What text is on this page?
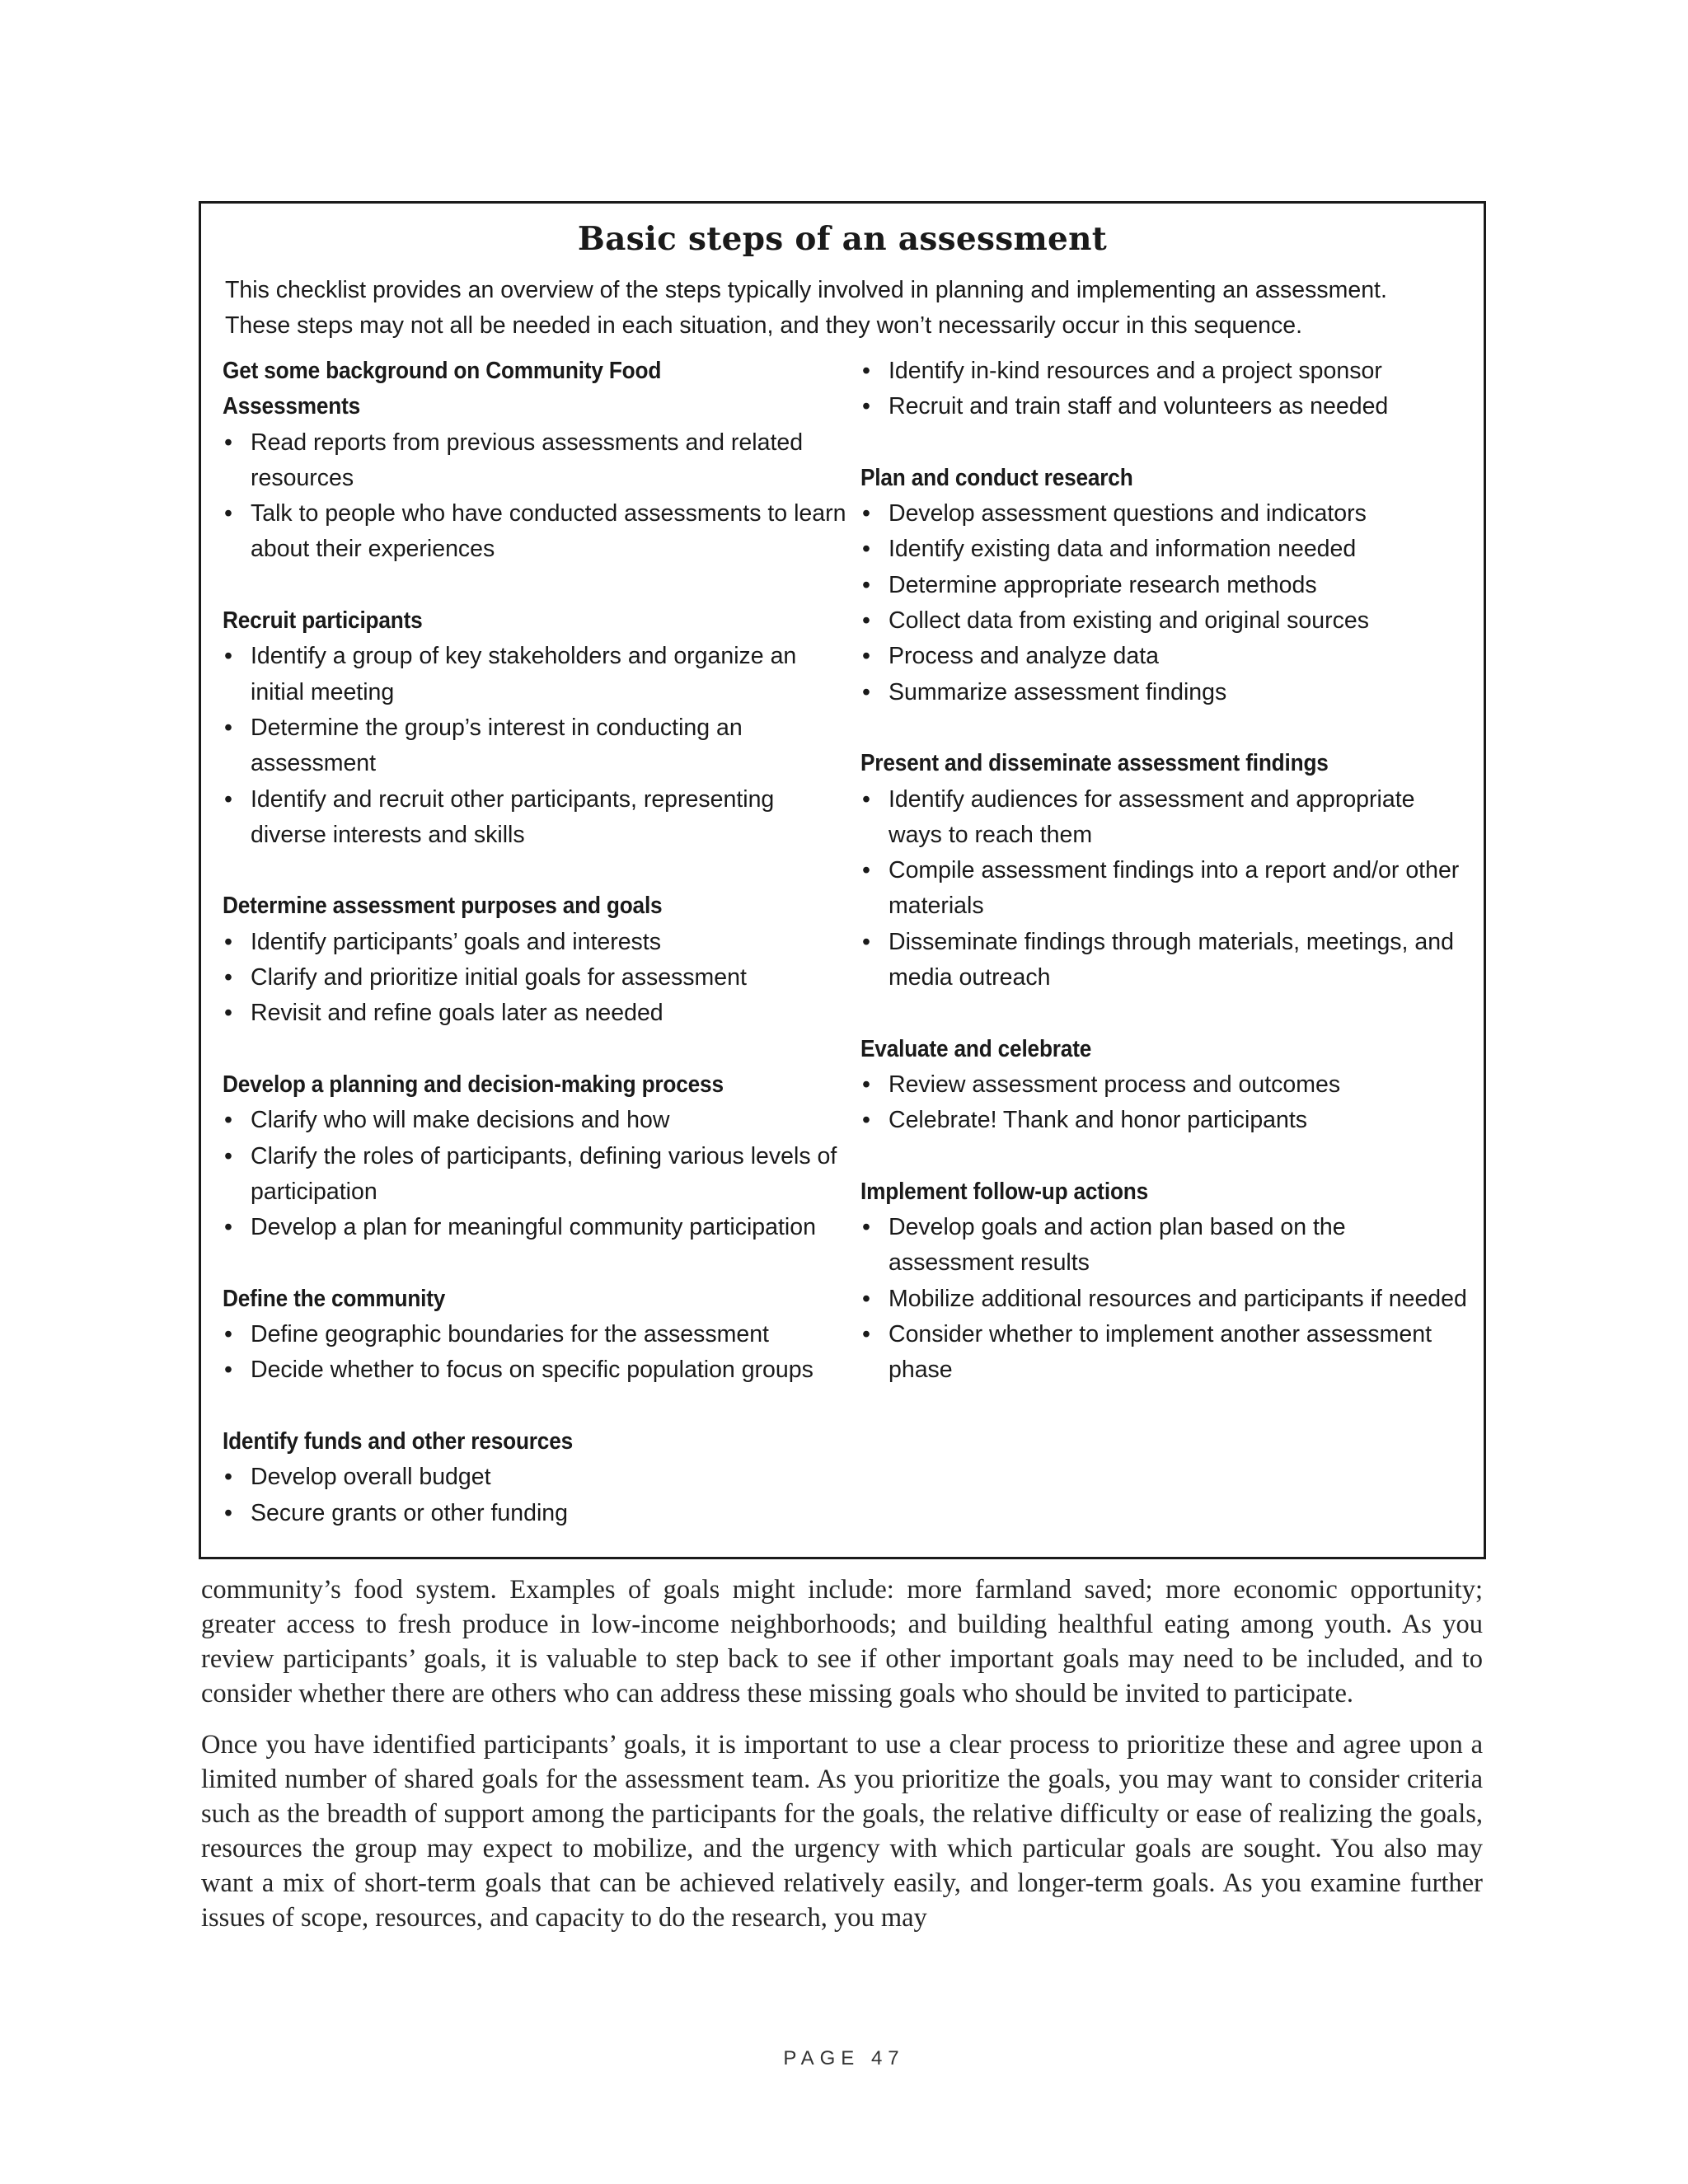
Basic steps of an assessment

This checklist provides an overview of the steps typically involved in planning and implementing an assessment.

These steps may not all be needed in each situation, and they won’t necessarily occur in this sequence.

Get some background on Community Food Assessments
• Read reports from previous assessments and related resources
• Talk to people who have conducted assessments to learn about their experiences
Recruit participants
• Identify a group of key stakeholders and organize an initial meeting
• Determine the group’s interest in conducting an assessment
• Identify and recruit other participants, representing diverse interests and skills
Determine assessment purposes and goals
• Identify participants’ goals and interests
• Clarify and prioritize initial goals for assessment
• Revisit and refine goals later as needed
Develop a planning and decision-making process
• Clarify who will make decisions and how
• Clarify the roles of participants, defining various levels of participation
• Develop a plan for meaningful community participation
Define the community
• Define geographic boundaries for the assessment
• Decide whether to focus on specific population groups
Identify funds and other resources
• Develop overall budget
• Secure grants or other funding
• Identify in-kind resources and a project sponsor
• Recruit and train staff and volunteers as needed
Plan and conduct research
• Develop assessment questions and indicators
• Identify existing data and information needed
• Determine appropriate research methods
• Collect data from existing and original sources
• Process and analyze data
• Summarize assessment findings
Present and disseminate assessment findings
• Identify audiences for assessment and appropriate ways to reach them
• Compile assessment findings into a report and/or other materials
• Disseminate findings through materials, meetings, and media outreach
Evaluate and celebrate
• Review assessment process and outcomes
• Celebrate! Thank and honor participants
Implement follow-up actions
• Develop goals and action plan based on the assessment results
• Mobilize additional resources and participants if needed
• Consider whether to implement another assessment phase

community’s food system. Examples of goals might include: more farmland saved; more economic opportunity; greater access to fresh produce in low-income neighborhoods; and building healthful eating among youth. As you review participants’ goals, it is valuable to step back to see if other important goals may need to be included, and to consider whether there are others who can address these missing goals who should be invited to participate.

Once you have identified participants’ goals, it is important to use a clear process to prioritize these and agree upon a limited number of shared goals for the assessment team. As you prioritize the goals, you may want to consider criteria such as the breadth of support among the participants for the goals, the relative difficulty or ease of realizing the goals, resources the group may expect to mobilize, and the urgency with which particular goals are sought. You also may want a mix of short-term goals that can be achieved relatively easily, and longer-term goals. As you examine further issues of scope, resources, and capacity to do the research, you may

PAGE 47
